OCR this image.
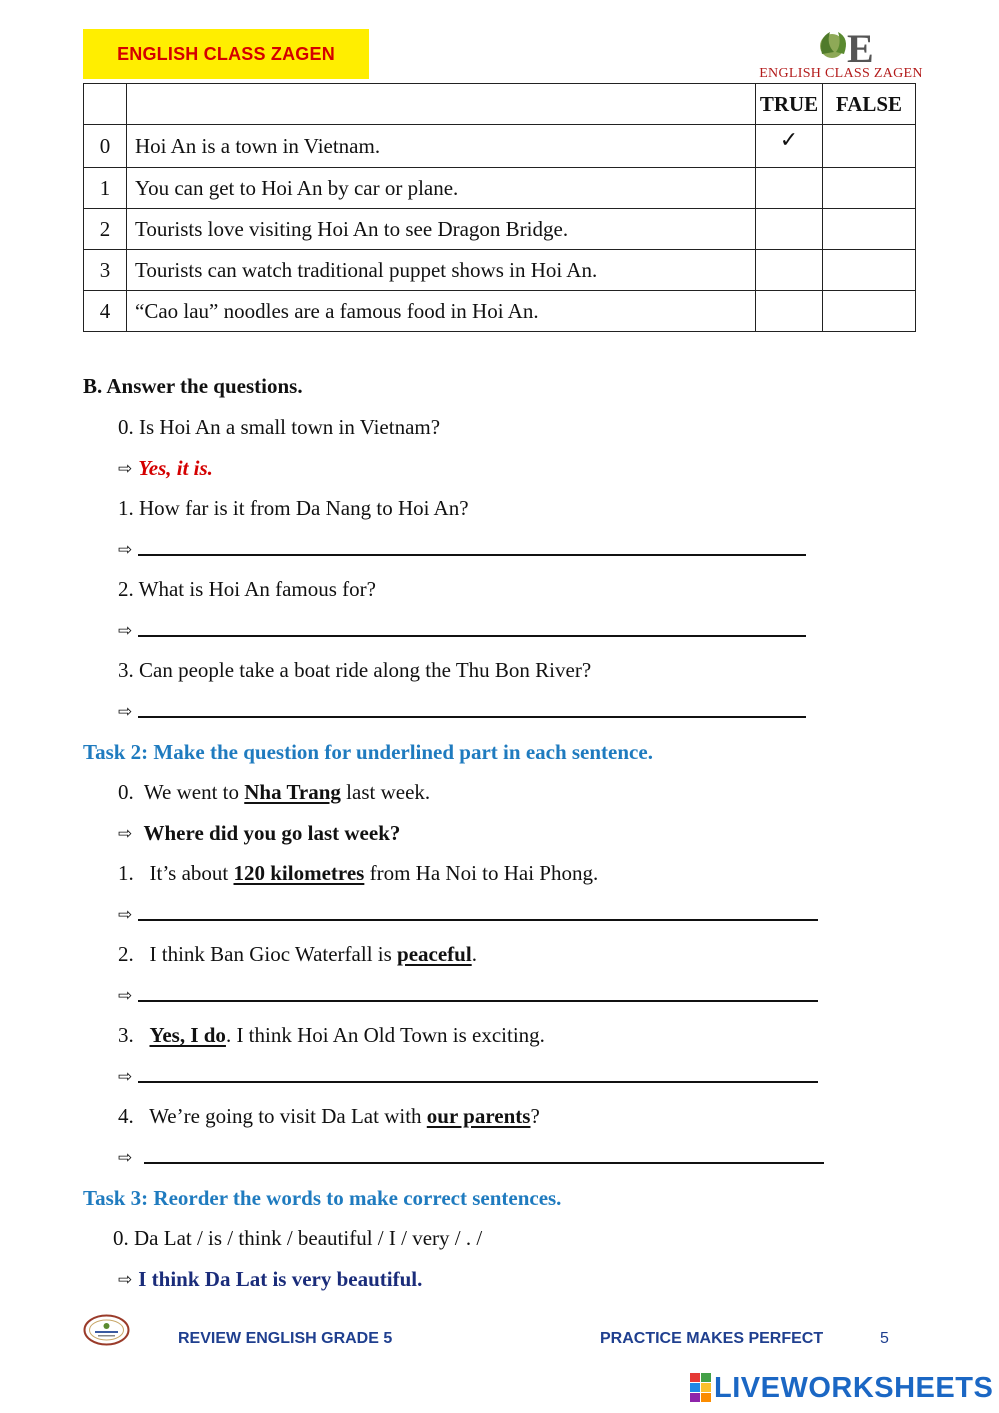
ENGLISH CLASS ZAGEN	E
ENGLISH CLASS ZAGEN
		TRUE	FALSE
0	Hoi An is a town in Vietnam.	✓	
1	You can get to Hoi An by car or plane.		
2	Tourists love visiting Hoi An to see Dragon Bridge.		
3	Tourists can watch traditional puppet shows in Hoi An.		
4	“Cao lau” noodles are a famous food in Hoi An.		
B. Answer the questions.
0. Is Hoi An a small town in Vietnam?
⇨ Yes, it is.
1. How far is it from Da Nang to Hoi An?
⇨
2. What is Hoi An famous for?
⇨
3. Can people take a boat ride along the Thu Bon River?
⇨
Task 2: Make the question for underlined part in each sentence.
0. We went to Nha Trang last week.
⇨ Where did you go last week?
1. It’s about 120 kilometres from Ha Noi to Hai Phong.
⇨
2. I think Ban Gioc Waterfall is peaceful.
⇨
3. Yes, I do. I think Hoi An Old Town is exciting.
⇨
4. We’re going to visit Da Lat with our parents?
⇨
Task 3: Reorder the words to make correct sentences.
0. Da Lat / is / think / beautiful / I / very / . /
⇨ I think Da Lat is very beautiful.
REVIEW ENGLISH GRADE 5	PRACTICE MAKES PERFECT	5
LIVEWORKSHEETS
